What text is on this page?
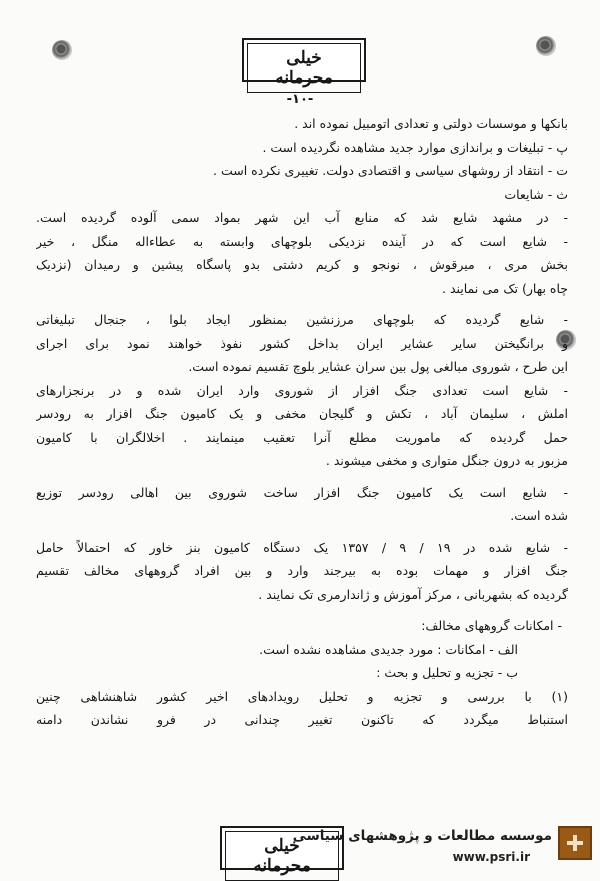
خیلی محرمانه
-۱۰-
بانکها و موسسات دولتی و تعدادی اتومبیل نموده اند .
پ - تبلیغات و براندازی موارد جدید مشاهده نگردیده است .
ت - انتقاد از روشهای سیاسی و اقتصادی دولت. تغییری نکرده است .
ث - شایعات
- در مشهد شایع شد که منابع آب این شهر بمواد سمی آلوده گردیده است.
- شایع است که در آینده نزدیکی بلوچهای وابسته به عطاءاله منگل ، خیر
بخش مری ، میرقوش ، نونجو و کریم دشتی بدو پاسگاه پیشین و رمیدان (نزدیک
چاه بهار) تک می نمایند .
- شایع گردیده که بلوچهای مرزنشین بمنظور ایجاد بلوا ، جنجال تبلیغاتی
و برانگیختن سایر عشایر ایران بداخل کشور نفوذ خواهند نمود برای اجرای
این طرح ، شوروی مبالغی پول بین سران عشایر بلوچ تقسیم نموده است.
- شایع است تعدادی جنگ افزار از شوروی وارد ایران شده و در برنجزارهای
املش ، سلیمان آباد ، تکش و گلیجان مخفی و یک کامیون جنگ افزار به رودسر
حمل گردیده که ماموریت مطلع آنرا تعقیب مینمایند . اخلالگران با کامیون
مزبور به درون جنگل متواری و مخفی میشوند .
- شایع است یک کامیون جنگ افزار ساخت شوروی بین اهالی رودسر توزیع
شده است.
- شایع شده در ۱۹ / ۹ / ۱۳۵۷ یک دستگاه کامیون بنز خاور که احتمالاً حامل
جنگ افزار و مهمات بوده به بیرجند وارد و بین افراد گروههای مخالف تقسیم
گردیده که بشهربانی ، مرکز آموزش و ژاندارمری تک نمایند .
- امکانات گروههای مخالف:
الف - امکانات : مورد جدیدی مشاهده نشده است.
ب - تجزیه و تحلیل و بحث :
(۱) با بررسی و تجزیه و تحلیل رویدادهای اخیر کشور شاهنشاهی چنین
استنباط میگردد که تاکنون تغییر چندانی در فرو نشاندن دامنه
خیلی محرمانه
موسسه مطالعات و پژوهشهای سیاسی
www.psri.ir
